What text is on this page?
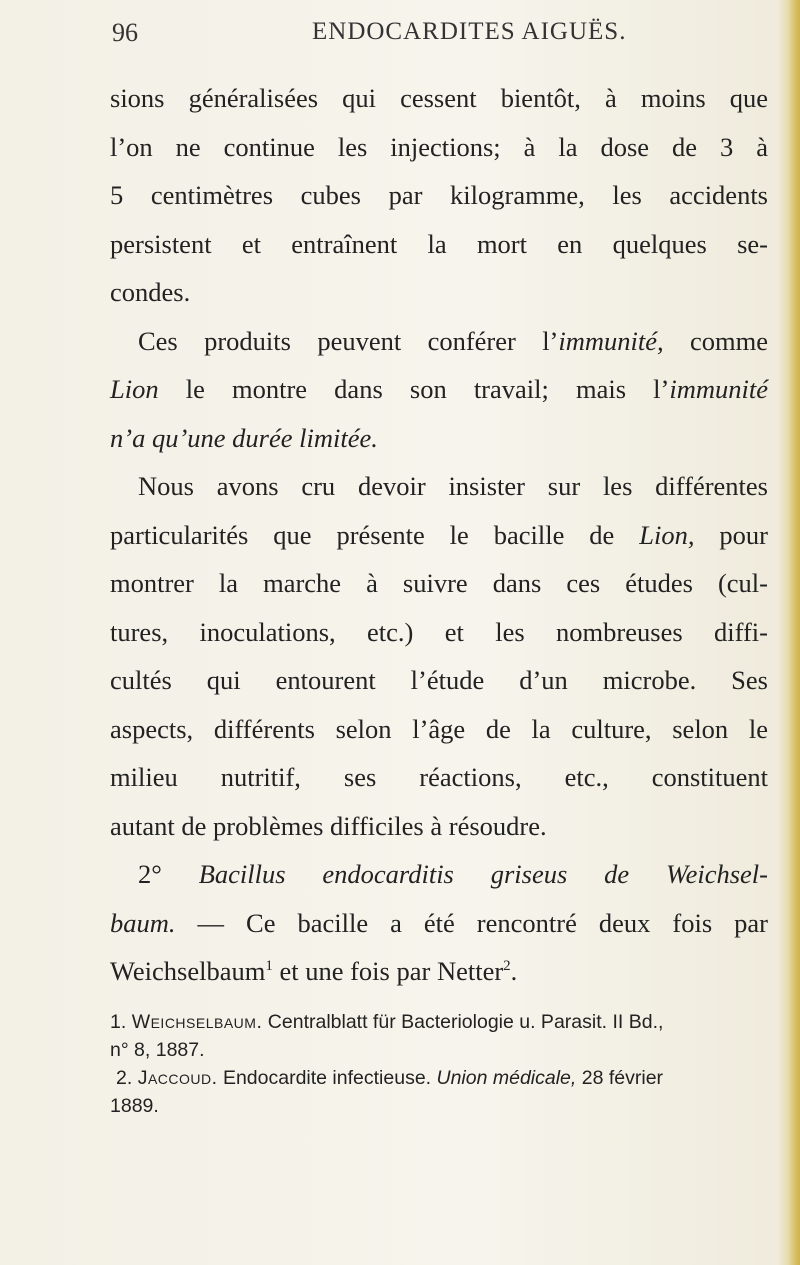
96	ENDOCARDITES AIGUËS.

sions généralisées qui cessent bientôt, à moins que
l’on ne continue les injections; à la dose de 3 à
5 centimètres cubes par kilogramme, les accidents
persistent et entraînent la mort en quelques se-
condes.

Ces produits peuvent conférer l’immunité, comme
Lion le montre dans son travail; mais l’immunité
n’a qu’une durée limitée.

Nous avons cru devoir insister sur les différentes
particularités que présente le bacille de Lion, pour
montrer la marche à suivre dans ces études (cul-
tures, inoculations, etc.) et les nombreuses diffi-
cultés qui entourent l’étude d’un microbe. Ses
aspects, différents selon l’âge de la culture, selon le
milieu nutritif, ses réactions, etc., constituent
autant de problèmes difficiles à résoudre.

2° Bacillus endocarditis griseus de Weichsel-
baum. — Ce bacille a été rencontré deux fois par
Weichselbaum$^1$ et une fois par Netter$^2$.

1. Weichselbaum. Centralblatt für Bacteriologie u. Parasit. II Bd.,
n° 8, 1887.

2. Jaccoud. Endocardite infectieuse. Union médicale, 28 février
1889.
